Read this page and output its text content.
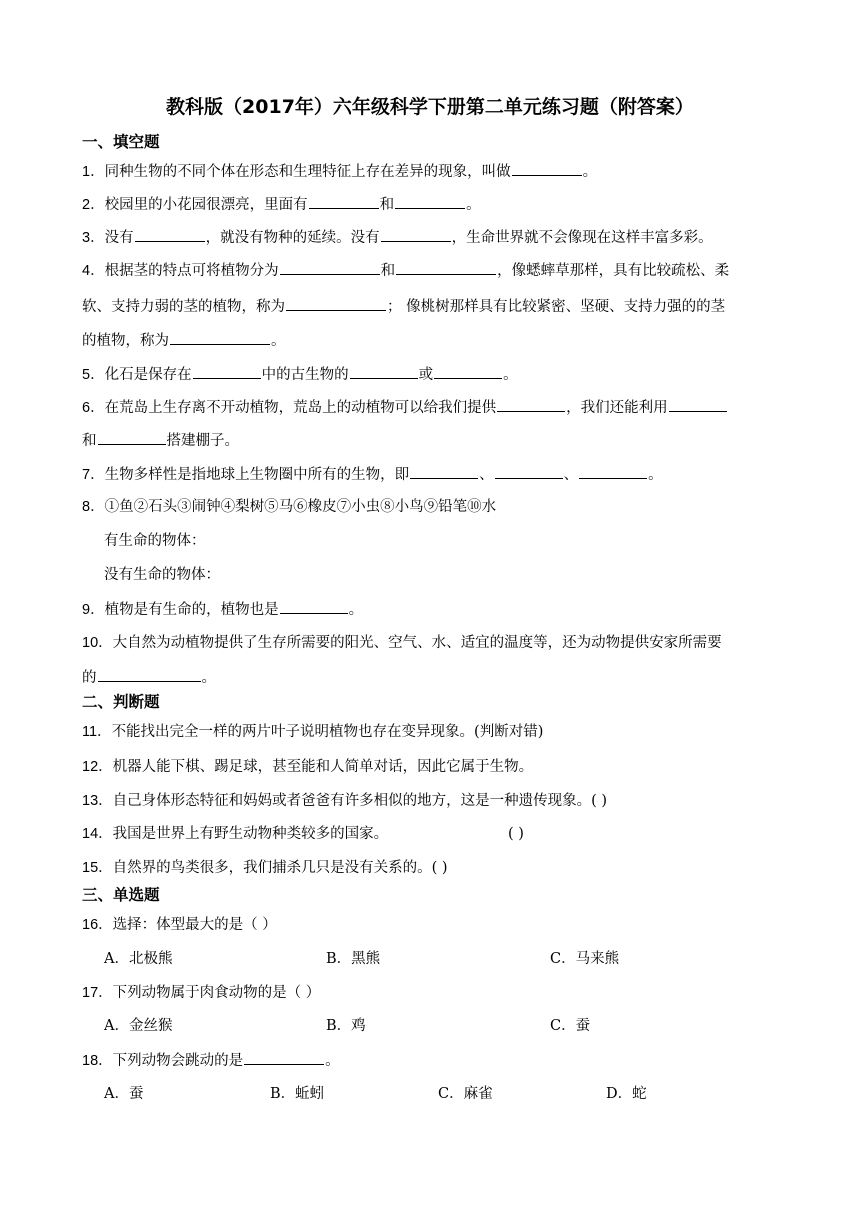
教科版（2017年）六年级科学下册第二单元练习题（附答案）
一、填空题
1．同种生物的不同个体在形态和生理特征上存在差异的现象，叫做	。
2．校园里的小花园很漂亮，里面有	和	。
3．没有	，就没有物种的延续。没有	，生命世界就不会像现在这样丰富多彩。
4．根据茎的特点可将植物分为	和	，像蟋蟀草那样，具有比较疏松、柔
软、支持力弱的茎的植物，称为	； 像桃树那样具有比较紧密、坚硬、支持力强的的茎
的植物，称为	。
5．化石是保存在	中的古生物的	或	。
6．在荒岛上生存离不开动植物，荒岛上的动植物可以给我们提供	，我们还能利用
和	搭建棚子。
7．生物多样性是指地球上生物圈中所有的生物，即	、	、	。
8．①鱼②石头③闹钟④梨树⑤马⑥橡皮⑦小虫⑧小鸟⑨铅笔⑩水
有生命的物体：
没有生命的物体：
9．植物是有生命的，植物也是	。
10．大自然为动植物提供了生存所需要的阳光、空气、水、适宜的温度等，还为动物提供安家所需要
的	。
二、判断题
11．不能找出完全一样的两片叶子说明植物也存在变异现象。(判断对错)
12．机器人能下棋、踢足球，甚至能和人简单对话，因此它属于生物。
13．自己身体形态特征和妈妈或者爸爸有许多相似的地方，这是一种遗传现象。( )
14．我国是世界上有野生动物种类较多的国家。	( )
15．自然界的鸟类很多，我们捕杀几只是没有关系的。( )
三、单选题
16．选择：体型最大的是（ ）
A．北极熊	B．黑熊	C．马来熊
17．下列动物属于肉食动物的是（ ）
A．金丝猴	B．鸡	C．蚕
18．下列动物会跳动的是	。
A．蚕	B．蚯蚓	C．麻雀	D．蛇
